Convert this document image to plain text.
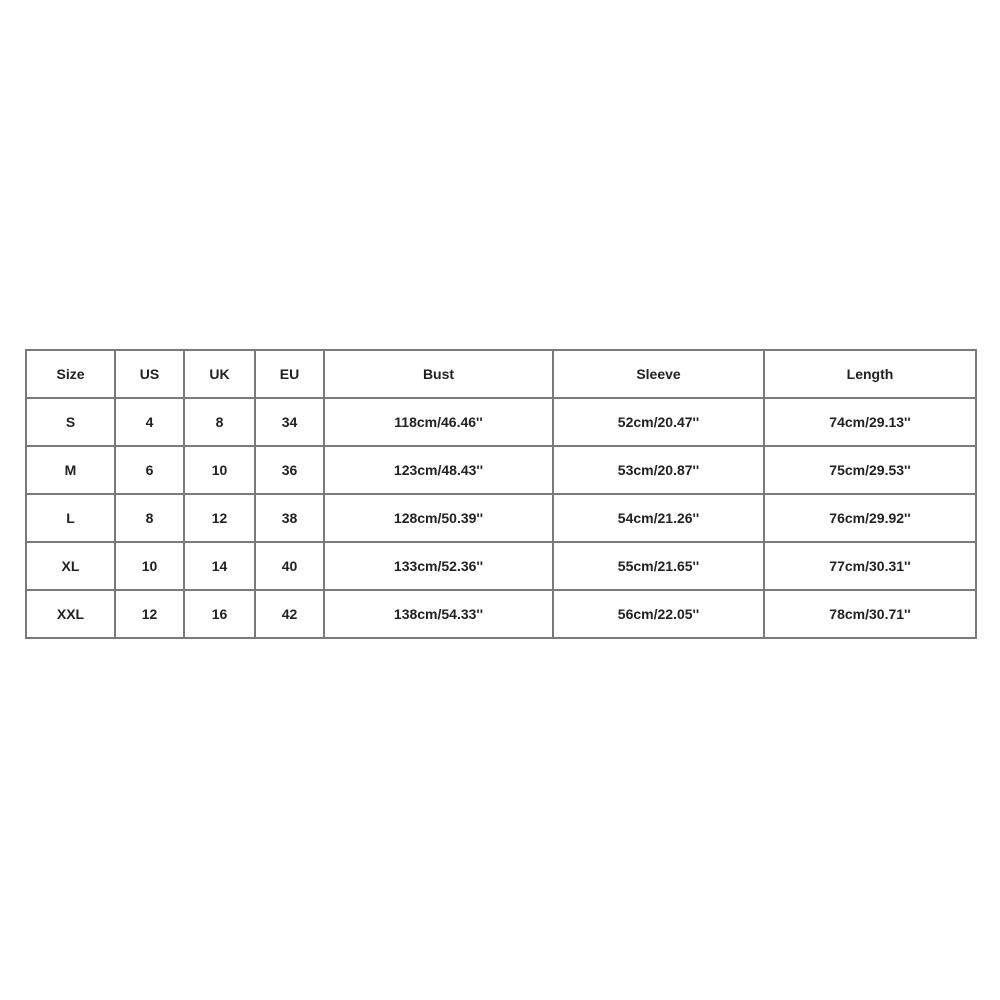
Size	US	UK	EU	Bust	Sleeve	Length
S	4	8	34	118cm/46.46''	52cm/20.47''	74cm/29.13''
M	6	10	36	123cm/48.43''	53cm/20.87''	75cm/29.53''
L	8	12	38	128cm/50.39''	54cm/21.26''	76cm/29.92''
XL	10	14	40	133cm/52.36''	55cm/21.65''	77cm/30.31''
XXL	12	16	42	138cm/54.33''	56cm/22.05''	78cm/30.71''
